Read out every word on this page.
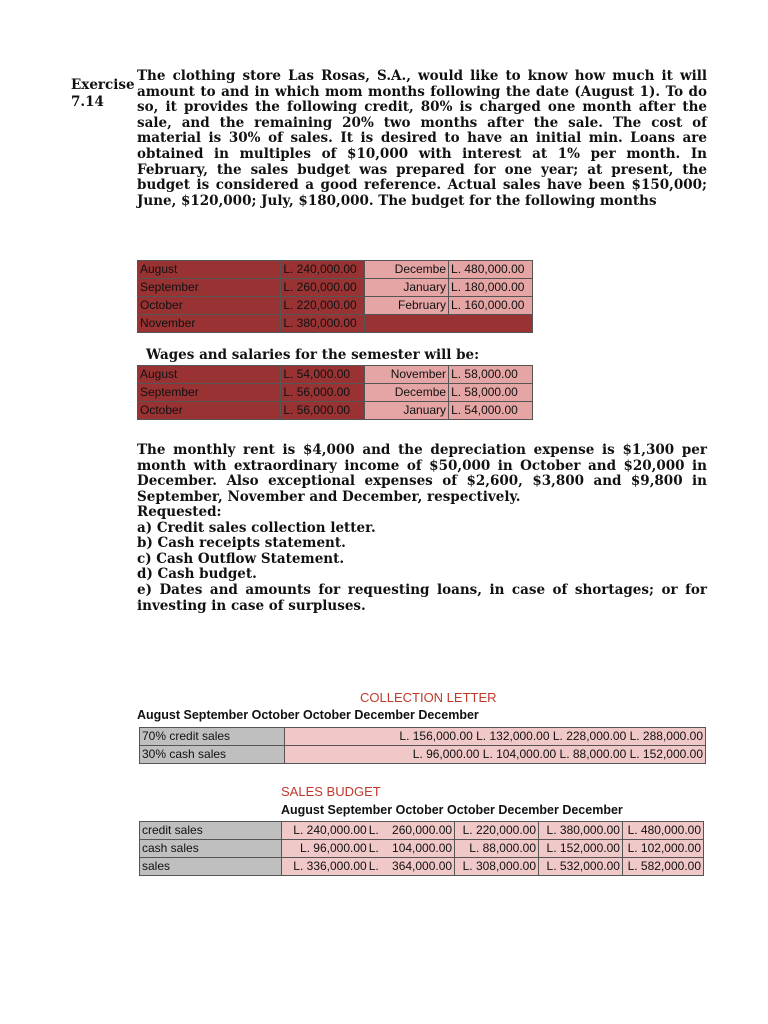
Exercise
7.14
The clothing store Las Rosas, S.A., would like to know how much it will amount to and in which mom months following the date (August 1). To do so, it provides the following credit, 80% is charged one month after the sale, and the remaining 20% two months after the sale. The cost of material is 30% of sales. It is desired to have an initial min. Loans are obtained in multiples of $10,000 with interest at 1% per month. In February, the sales budget was prepared for one year; at present, the budget is considered a good reference. Actual sales have been $150,000; June, $120,000; July, $180,000. The budget for the following months
August	L. 240,000.00	Decembe	L. 480,000.00
September	L. 260,000.00	January	L. 180,000.00
October	L. 220,000.00	February	L. 160,000.00
November	L. 380,000.00		
Wages and salaries for the semester will be:
August	L. 54,000.00	November	L. 58,000.00
September	L. 56,000.00	Decembe	L. 58,000.00
October	L. 56,000.00	January	L. 54,000.00
The monthly rent is $4,000 and the depreciation expense is $1,300 per month with extraordinary income of $50,000 in October and $20,000 in December. Also exceptional expenses of $2,600, $3,800 and $9,800 in September, November and December, respectively.
Requested:
a) Credit sales collection letter.
b) Cash receipts statement.
c) Cash Outflow Statement.
d) Cash budget.
e) Dates and amounts for requesting loans, in case of shortages; or for investing in case of surpluses.
COLLECTION LETTER
August September October October December December
70% credit sales	L. 156,000.00 L. 132,000.00 L. 228,000.00 L. 288,000.00
30% cash sales	L. 96,000.00 L. 104,000.00 L. 88,000.00 L. 152,000.00
SALES BUDGET
August September October October December December
credit sales	L. 240,000.00	L.	260,000.00	L. 220,000.00	L. 380,000.00	L. 480,000.00
cash sales	L. 96,000.00	L.	104,000.00	L. 88,000.00	L. 152,000.00	L. 102,000.00
sales	L. 336,000.00	L.	364,000.00	L. 308,000.00	L. 532,000.00	L. 582,000.00
